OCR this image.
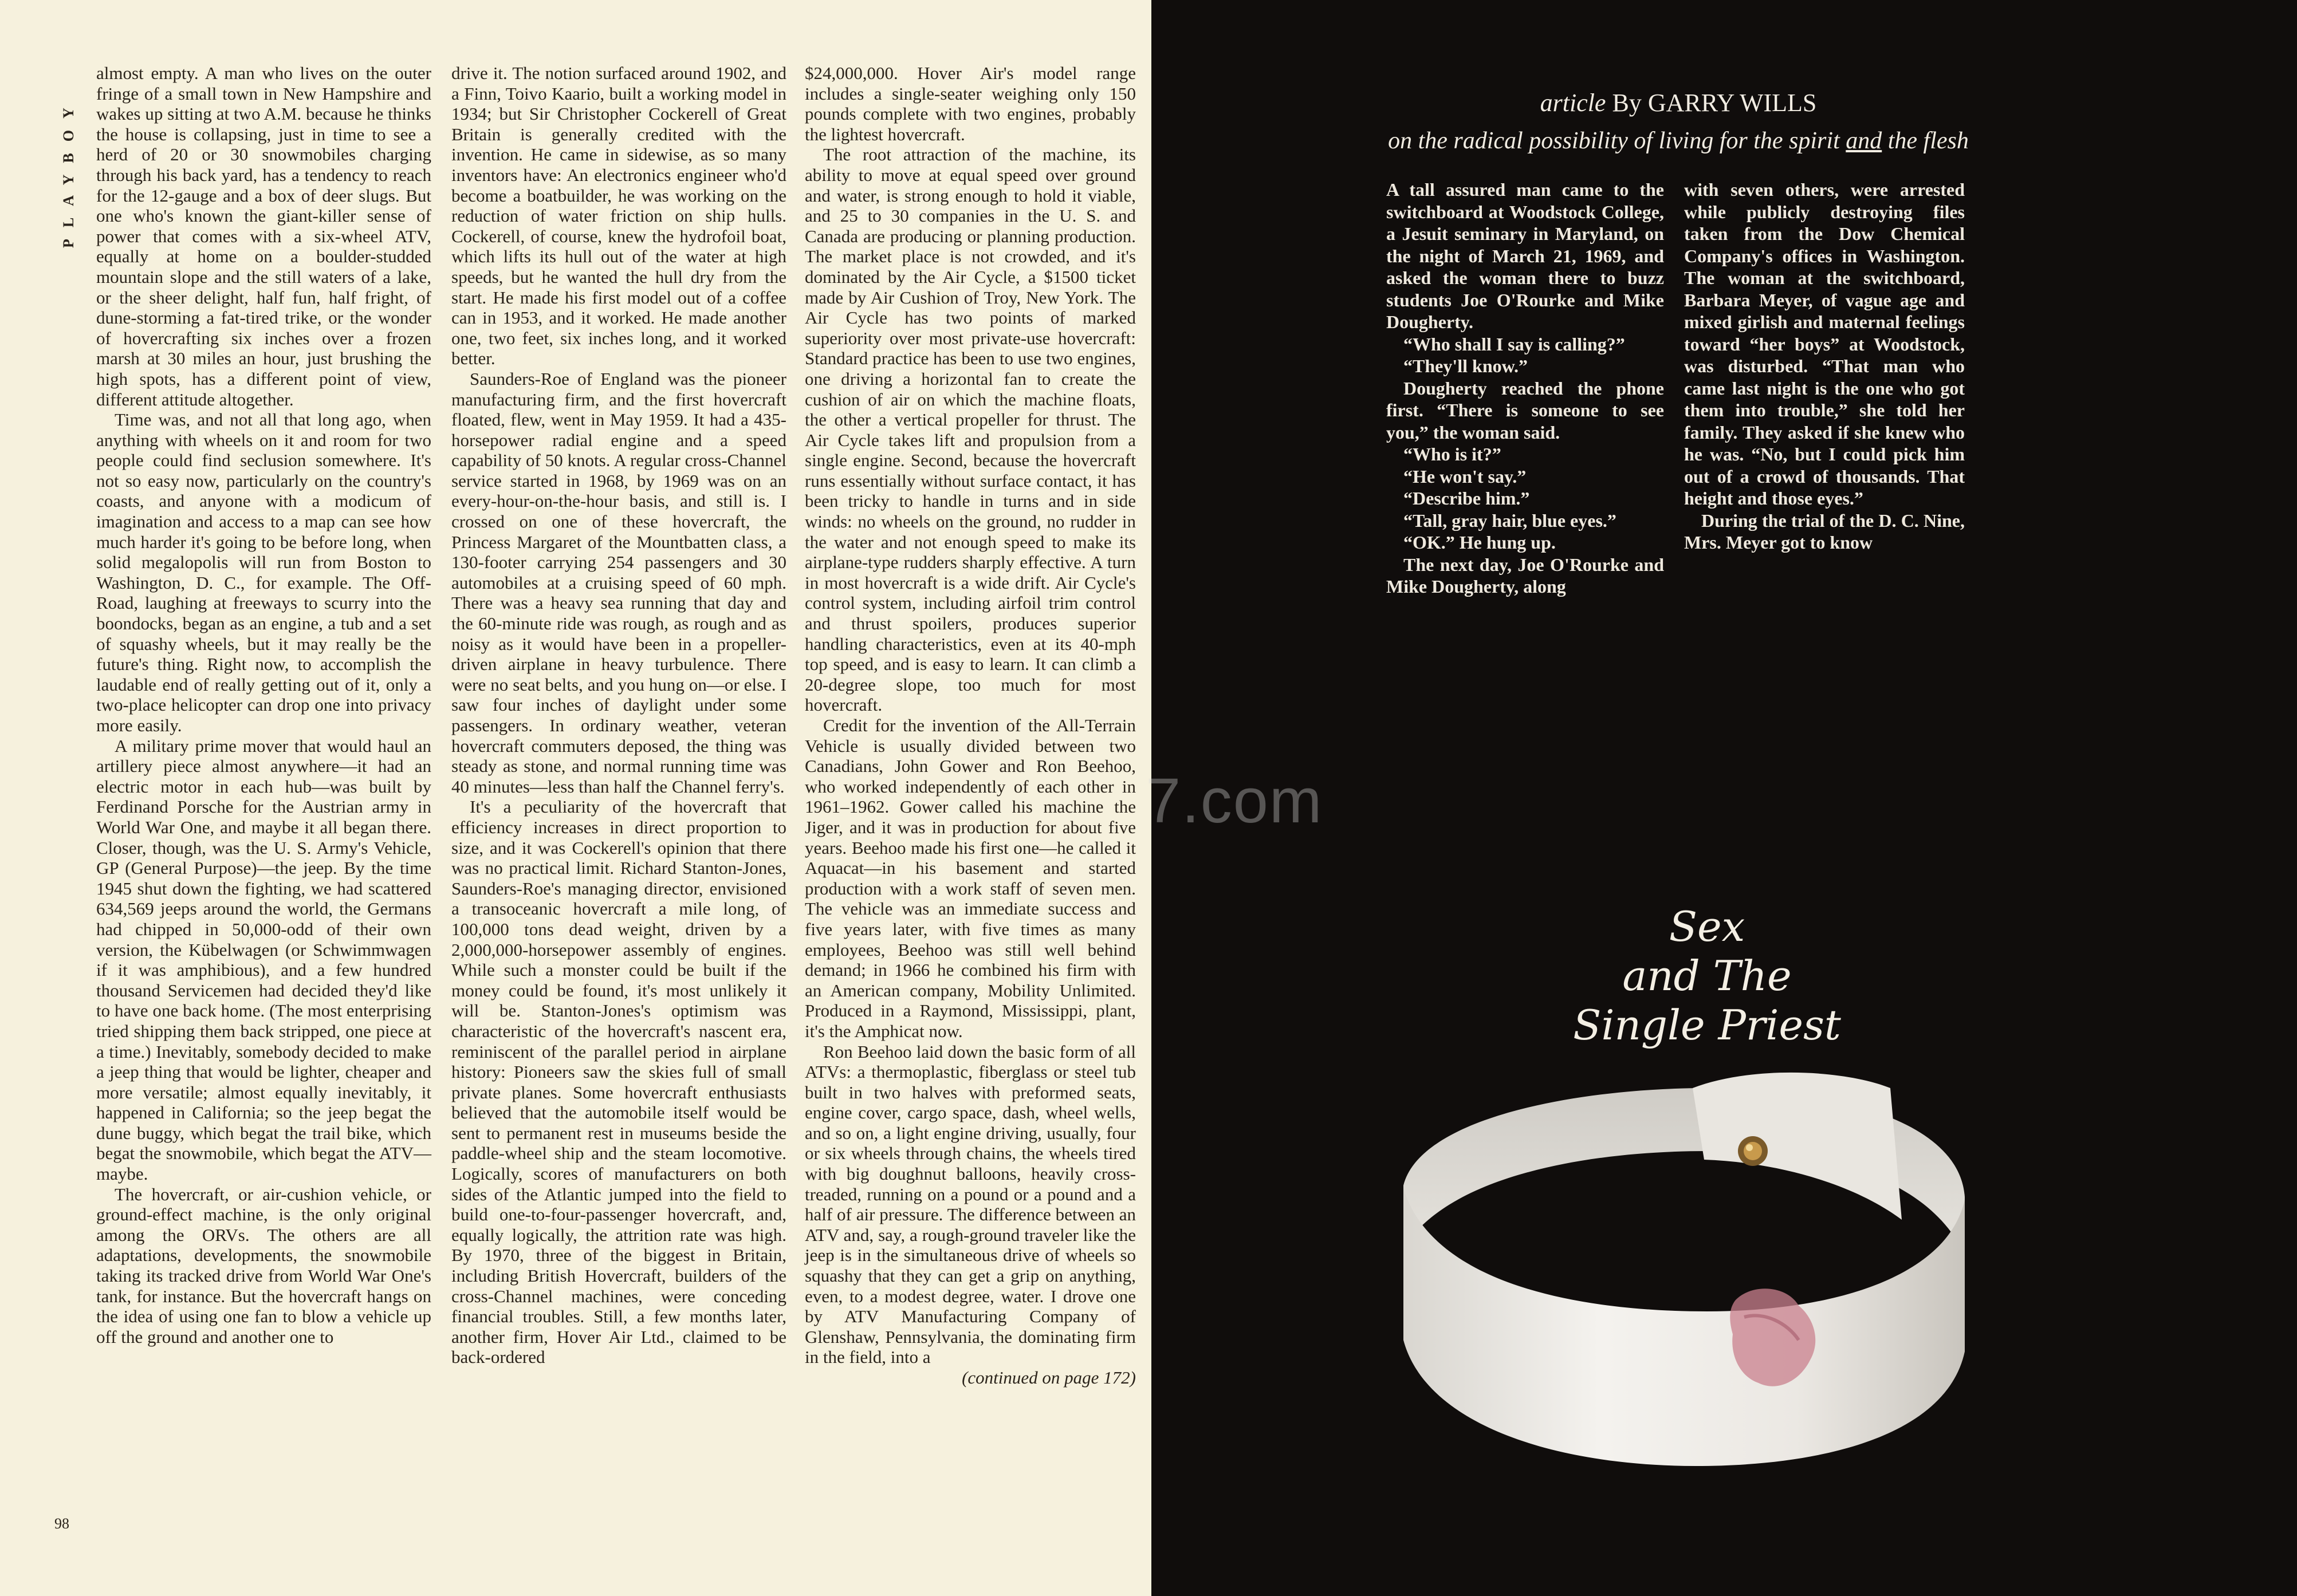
PLAYBOY

almost empty. A man who lives on the outer fringe of a small town in New Hampshire and wakes up sitting at two A.M. because he thinks the house is collapsing, just in time to see a herd of 20 or 30 snowmobiles charging through his back yard, has a tendency to reach for the 12-gauge and a box of deer slugs. But one who's known the giant-killer sense of power that comes with a six-wheel ATV, equally at home on a boulder-studded mountain slope and the still waters of a lake, or the sheer delight, half fun, half fright, of dune-storming a fat-tired trike, or the wonder of hovercrafting six inches over a frozen marsh at 30 miles an hour, just brushing the high spots, has a different point of view, different attitude altogether.

Time was, and not all that long ago, when anything with wheels on it and room for two people could find seclusion somewhere. It's not so easy now, particularly on the country's coasts, and anyone with a modicum of imagination and access to a map can see how much harder it's going to be before long, when solid megalopolis will run from Boston to Washington, D. C., for example. The Off-Road, laughing at freeways to scurry into the boondocks, began as an engine, a tub and a set of squashy wheels, but it may really be the future's thing. Right now, to accomplish the laudable end of really getting out of it, only a two-place helicopter can drop one into privacy more easily.

A military prime mover that would haul an artillery piece almost anywhere—it had an electric motor in each hub—was built by Ferdinand Porsche for the Austrian army in World War One, and maybe it all began there. Closer, though, was the U. S. Army's Vehicle, GP (General Purpose)—the jeep. By the time 1945 shut down the fighting, we had scattered 634,569 jeeps around the world, the Germans had chipped in 50,000-odd of their own version, the Kübelwagen (or Schwimmwagen if it was amphibious), and a few hundred thousand Servicemen had decided they'd like to have one back home. (The most enterprising tried shipping them back stripped, one piece at a time.) Inevitably, somebody decided to make a jeep thing that would be lighter, cheaper and more versatile; almost equally inevitably, it happened in California; so the jeep begat the dune buggy, which begat the trail bike, which begat the snowmobile, which begat the ATV—maybe.

The hovercraft, or air-cushion vehicle, or ground-effect machine, is the only original among the ORVs. The others are all adaptations, developments, the snowmobile taking its tracked drive from World War One's tank, for instance. But the hovercraft hangs on the idea of using one fan to blow a vehicle up off the ground and another one to

drive it. The notion surfaced around 1902, and a Finn, Toivo Kaario, built a working model in 1934; but Sir Christopher Cockerell of Great Britain is generally credited with the invention. He came in sidewise, as so many inventors have: An electronics engineer who'd become a boatbuilder, he was working on the reduction of water friction on ship hulls. Cockerell, of course, knew the hydrofoil boat, which lifts its hull out of the water at high speeds, but he wanted the hull dry from the start. He made his first model out of a coffee can in 1953, and it worked. He made another one, two feet, six inches long, and it worked better.

Saunders-Roe of England was the pioneer manufacturing firm, and the first hovercraft floated, flew, went in May 1959. It had a 435-horsepower radial engine and a speed capability of 50 knots. A regular cross-Channel service started in 1968, by 1969 was on an every-hour-on-the-hour basis, and still is. I crossed on one of these hovercraft, the Princess Margaret of the Mountbatten class, a 130-footer carrying 254 passengers and 30 automobiles at a cruising speed of 60 mph. There was a heavy sea running that day and the 60-minute ride was rough, as rough and as noisy as it would have been in a propeller-driven airplane in heavy turbulence. There were no seat belts, and you hung on—or else. I saw four inches of daylight under some passengers. In ordinary weather, veteran hovercraft commuters deposed, the thing was steady as stone, and normal running time was 40 minutes—less than half the Channel ferry's.

It's a peculiarity of the hovercraft that efficiency increases in direct proportion to size, and it was Cockerell's opinion that there was no practical limit. Richard Stanton-Jones, Saunders-Roe's managing director, envisioned a transoceanic hovercraft a mile long, of 100,000 tons dead weight, driven by a 2,000,000-horsepower assembly of engines. While such a monster could be built if the money could be found, it's most unlikely it will be. Stanton-Jones's optimism was characteristic of the hovercraft's nascent era, reminiscent of the parallel period in airplane history: Pioneers saw the skies full of small private planes. Some hovercraft enthusiasts believed that the automobile itself would be sent to permanent rest in museums beside the paddle-wheel ship and the steam locomotive. Logically, scores of manufacturers on both sides of the Atlantic jumped into the field to build one-to-four-passenger hovercraft, and, equally logically, the attrition rate was high. By 1970, three of the biggest in Britain, including British Hovercraft, builders of the cross-Channel machines, were conceding financial troubles. Still, a few months later, another firm, Hover Air Ltd., claimed to be back-ordered

$24,000,000. Hover Air's model range includes a single-seater weighing only 150 pounds complete with two engines, probably the lightest hovercraft.

The root attraction of the machine, its ability to move at equal speed over ground and water, is strong enough to hold it viable, and 25 to 30 companies in the U. S. and Canada are producing or planning production. The market place is not crowded, and it's dominated by the Air Cycle, a $1500 ticket made by Air Cushion of Troy, New York. The Air Cycle has two points of marked superiority over most private-use hovercraft: Standard practice has been to use two engines, one driving a horizontal fan to create the cushion of air on which the machine floats, the other a vertical propeller for thrust. The Air Cycle takes lift and propulsion from a single engine. Second, because the hovercraft runs essentially without surface contact, it has been tricky to handle in turns and in side winds: no wheels on the ground, no rudder in the water and not enough speed to make its airplane-type rudders sharply effective. A turn in most hovercraft is a wide drift. Air Cycle's control system, including airfoil trim control and thrust spoilers, produces superior handling characteristics, even at its 40-mph top speed, and is easy to learn. It can climb a 20-degree slope, too much for most hovercraft.

Credit for the invention of the All-Terrain Vehicle is usually divided between two Canadians, John Gower and Ron Beehoo, who worked independently of each other in 1961–1962. Gower called his machine the Jiger, and it was in production for about five years. Beehoo made his first one—he called it Aquacat—in his basement and started production with a work staff of seven men. The vehicle was an immediate success and five years later, with five times as many employees, Beehoo was still well behind demand; in 1966 he combined his firm with an American company, Mobility Unlimited. Produced in a Raymond, Mississippi, plant, it's the Amphicat now.

Ron Beehoo laid down the basic form of all ATVs: a thermoplastic, fiberglass or steel tub built in two halves with preformed seats, engine cover, cargo space, dash, wheel wells, and so on, a light engine driving, usually, four or six wheels through chains, the wheels tired with big doughnut balloons, heavily cross-treaded, running on a pound or a pound and a half of air pressure. The difference between an ATV and, say, a rough-ground traveler like the jeep is in the simultaneous drive of wheels so squashy that they can get a grip on anything, even, to a modest degree, water. I drove one by ATV Manufacturing Company of Glenshaw, Pennsylvania, the dominating firm in the field, into a

(continued on page 172)

98
article By GARRY WILLS
on the radical possibility of living for the spirit and the flesh

A tall assured man came to the switchboard at Woodstock College, a Jesuit seminary in Maryland, on the night of March 21, 1969, and asked the woman there to buzz students Joe O'Rourke and Mike Dougherty.

“Who shall I say is calling?”

“They'll know.”

Dougherty reached the phone first. “There is someone to see you,” the woman said.

“Who is it?”

“He won't say.”

“Describe him.”

“Tall, gray hair, blue eyes.”

“OK.” He hung up.

The next day, Joe O'Rourke and Mike Dougherty, along

with seven others, were arrested while publicly destroying files taken from the Dow Chemical Company's offices in Washington. The woman at the switchboard, Barbara Meyer, of vague age and mixed girlish and maternal feelings toward “her boys” at Woodstock, was disturbed. “That man who came last night is the one who got them into trouble,” she told her family. They asked if she knew who he was. “No, but I could pick him out of a crowd of thousands. That height and those eyes.”

During the trial of the D. C. Nine, Mrs. Meyer got to know

7.com
Sex
and The
Single Priest
